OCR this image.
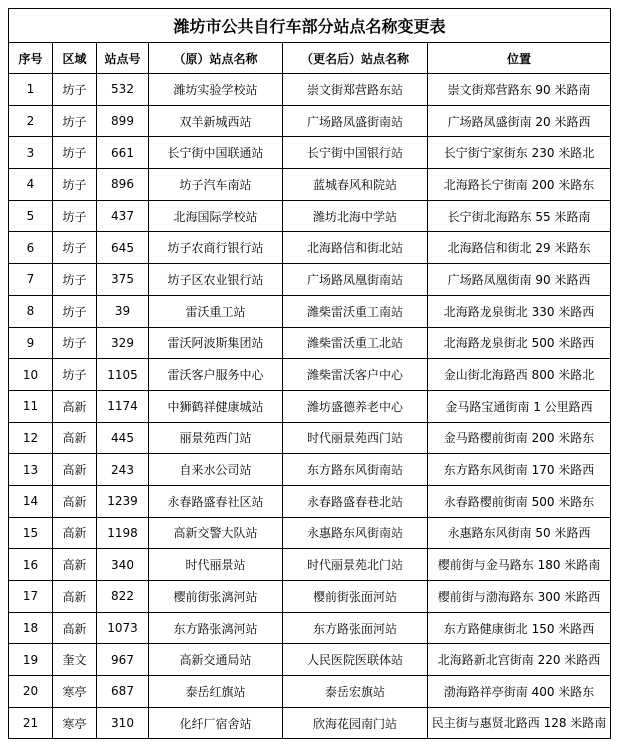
潍坊市公共自行车部分站点名称变更表					
序号	区域	站点号	（原）站点名称	（更名后）站点名称	位置
1	坊子	532	潍坊实验学校站	崇文街郑营路东站	崇文街郑营路东 90 米路南
2	坊子	899	双羊新城西站	广场路凤盛街南站	广场路凤盛街南 20 米路西
3	坊子	661	长宁街中国联通站	长宁街中国银行站	长宁街宁家街东 230 米路北
4	坊子	896	坊子汽车南站	蓝城春风和院站	北海路长宁街南 200 米路东
5	坊子	437	北海国际学校站	潍坊北海中学站	长宁街北海路东 55 米路南
6	坊子	645	坊子农商行银行站	北海路信和街北站	北海路信和街北 29 米路东
7	坊子	375	坊子区农业银行站	广场路凤凰街南站	广场路凤凰街南 90 米路西
8	坊子	39	雷沃重工站	潍柴雷沃重工南站	北海路龙泉街北 330 米路西
9	坊子	329	雷沃阿波斯集团站	潍柴雷沃重工北站	北海路龙泉街北 500 米路西
10	坊子	1105	雷沃客户服务中心	潍柴雷沃客户中心	金山街北海路西 800 米路北
11	高新	1174	中狮鹤祥健康城站	潍坊盛德养老中心	金马路宝通街南 1 公里路西
12	高新	445	丽景苑西门站	时代丽景苑西门站	金马路樱前街南 200 米路东
13	高新	243	自来水公司站	东方路东风街南站	东方路东风街南 170 米路西
14	高新	1239	永春路盛春社区站	永春路盛春巷北站	永春路樱前街南 500 米路东
15	高新	1198	高新交警大队站	永惠路东风街南站	永惠路东风街南 50 米路西
16	高新	340	时代丽景站	时代丽景苑北门站	樱前街与金马路东 180 米路南
17	高新	822	樱前街张漓河站	樱前街张面河站	樱前街与渤海路东 300 米路西
18	高新	1073	东方路张漓河站	东方路张面河站	东方路健康街北 150 米路西
19	奎文	967	高新交通局站	人民医院医联体站	北海路新北宫街南 220 米路西
20	寒亭	687	泰岳红旗站	泰岳宏旗站	渤海路祥亭街南 400 米路东
21	寒亭	310	化纤厂宿舍站	欣海花园南门站	民主街与惠贤北路西 128 米路南
